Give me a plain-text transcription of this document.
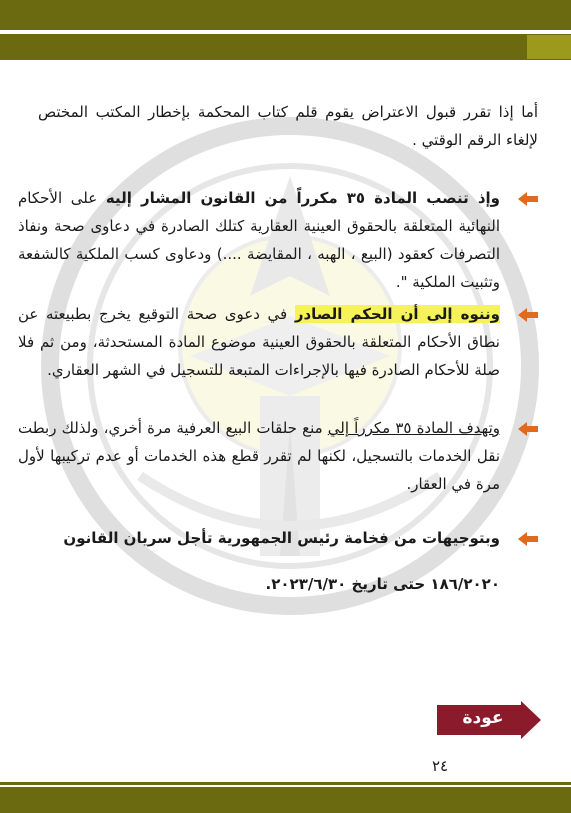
أما إذا تقرر قبول الاعتراض يقوم قلم كتاب المحكمة بإخطار المكتب المختص لإلغاء الرقم الوقتي .

وإذ تنصب المادة ٣٥ مكرراً من القانون المشار إليه على الأحكام النهائية المتعلقة بالحقوق العينية العقارية كتلك الصادرة في دعاوى صحة ونفاذ التصرفات كعقود (البيع ، الهبه ، المقايضة ....) ودعاوى كسب الملكية كالشفعة وتثبيت الملكية ".

وننوه إلى أن الحكم الصادر في دعوى صحة التوقيع يخرج بطبيعته عن نطاق الأحكام المتعلقة بالحقوق العينية موضوع المادة المستحدثة، ومن ثم فلا صلة للأحكام الصادرة فيها بالإجراءات المتبعة للتسجيل في الشهر العقاري.

وتهدف المادة ٣٥ مكرراً إلي منع حلقات البيع العرفية مرة أخري، ولذلك ربطت نقل الخدمات بالتسجيل، لكنها لم تقرر قطع هذه الخدمات أو عدم تركيبها لأول مرة في العقار.

وبتوجيهات من فخامة رئيس الجمهورية تأجل سريان القانون

١٨٦/٢٠٢٠ حتى تاريخ ٢٠٢٣/٦/٣٠.

عودة
٢٤
